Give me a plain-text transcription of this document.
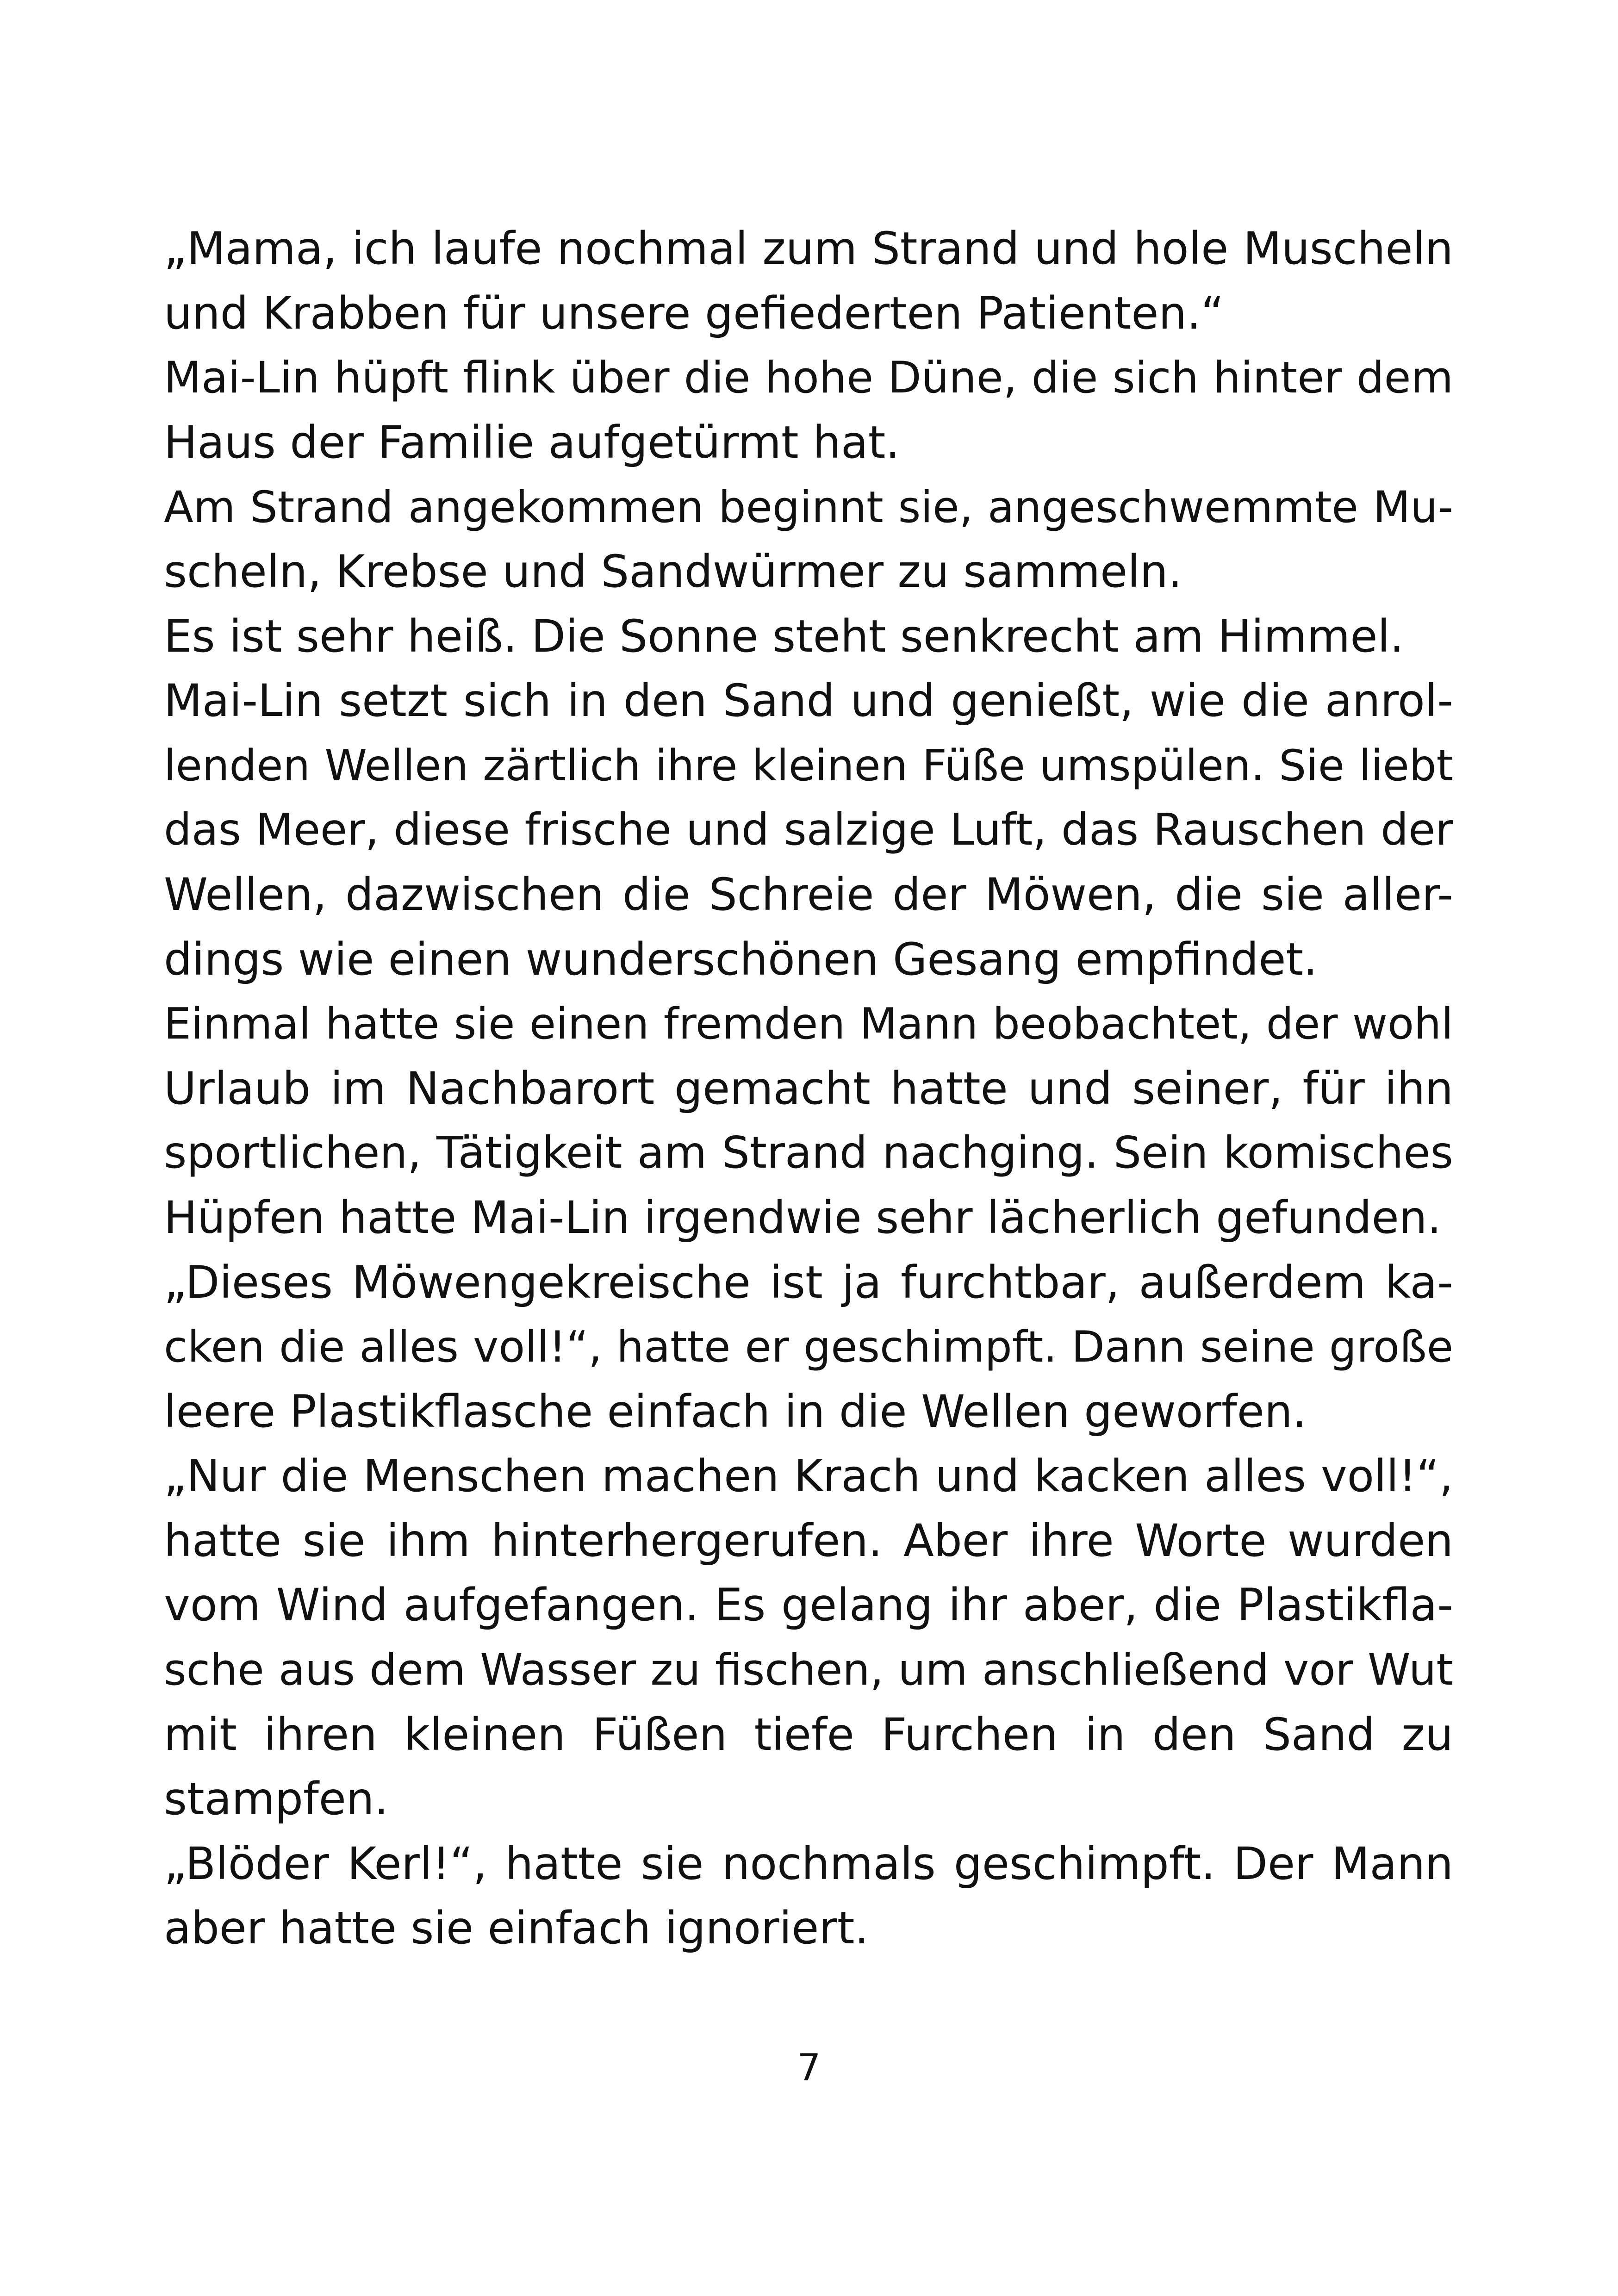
„Mama, ich laufe nochmal zum Strand und hole Muscheln
und Krabben für unsere gefiederten Patienten.“
Mai-Lin hüpft flink über die hohe Düne, die sich hinter dem
Haus der Familie aufgetürmt hat.
Am Strand angekommen beginnt sie, angeschwemmte Mu-
scheln, Krebse und Sandwürmer zu sammeln.
Es ist sehr heiß. Die Sonne steht senkrecht am Himmel.
Mai-Lin setzt sich in den Sand und genießt, wie die anrol-
lenden Wellen zärtlich ihre kleinen Füße umspülen. Sie liebt
das Meer, diese frische und salzige Luft, das Rauschen der
Wellen, dazwischen die Schreie der Möwen, die sie aller-
dings wie einen wunderschönen Gesang empfindet.
Einmal hatte sie einen fremden Mann beobachtet, der wohl
Urlaub im Nachbarort gemacht hatte und seiner, für ihn
sportlichen, Tätigkeit am Strand nachging. Sein komisches
Hüpfen hatte Mai-Lin irgendwie sehr lächerlich gefunden.
„Dieses Möwengekreische ist ja furchtbar, außerdem ka-
cken die alles voll!“, hatte er geschimpft. Dann seine große
leere Plastikflasche einfach in die Wellen geworfen.
„Nur die Menschen machen Krach und kacken alles voll!“,
hatte sie ihm hinterhergerufen. Aber ihre Worte wurden
vom Wind aufgefangen. Es gelang ihr aber, die Plastikfla-
sche aus dem Wasser zu fischen, um anschließend vor Wut
mit ihren kleinen Füßen tiefe Furchen in den Sand zu
stampfen.
„Blöder Kerl!“, hatte sie nochmals geschimpft. Der Mann
aber hatte sie einfach ignoriert.
7
